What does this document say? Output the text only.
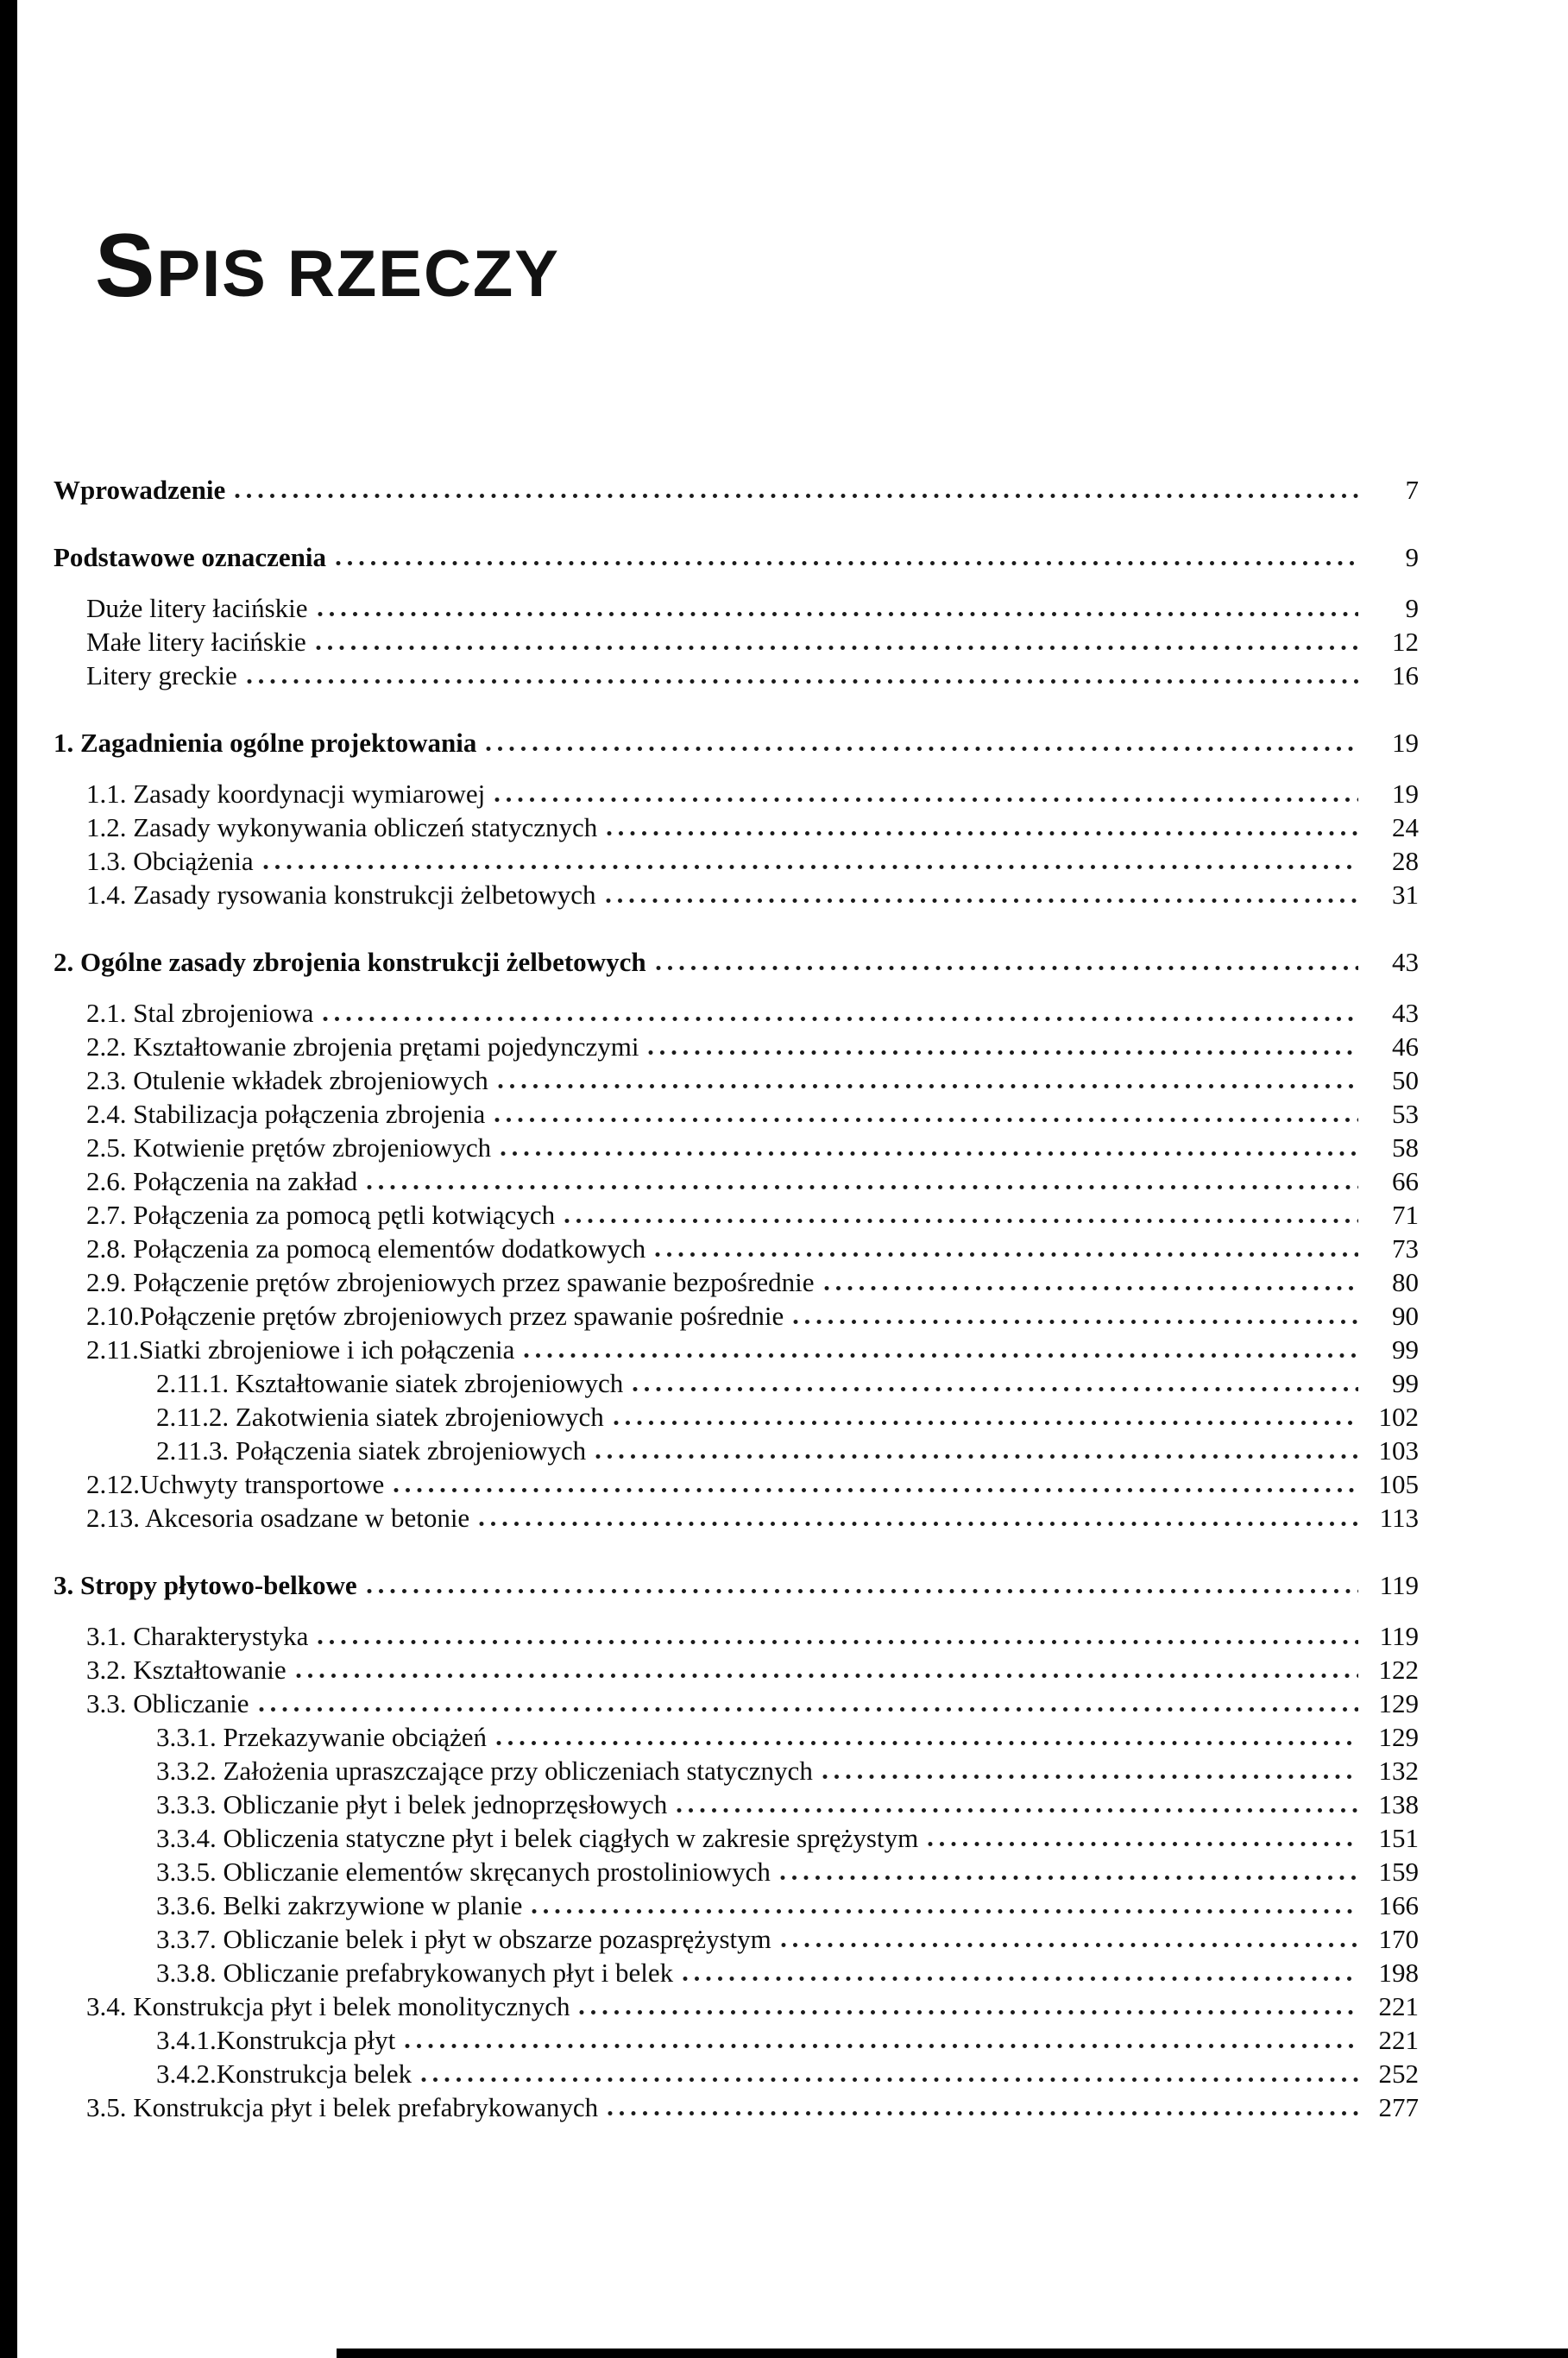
SPIS RZECZY
Wprowadzenie	7
Podstawowe oznaczenia	9
Duże litery łacińskie	9
Małe litery łacińskie	12
Litery greckie	16
1. Zagadnienia ogólne projektowania	19
1.1. Zasady koordynacji wymiarowej	19
1.2. Zasady wykonywania obliczeń statycznych	24
1.3. Obciążenia	28
1.4. Zasady rysowania konstrukcji żelbetowych	31
2. Ogólne zasady zbrojenia konstrukcji żelbetowych	43
2.1. Stal zbrojeniowa	43
2.2. Kształtowanie zbrojenia prętami pojedynczymi	46
2.3. Otulenie wkładek zbrojeniowych	50
2.4. Stabilizacja połączenia zbrojenia	53
2.5. Kotwienie prętów zbrojeniowych	58
2.6. Połączenia na zakład	66
2.7. Połączenia za pomocą pętli kotwiących	71
2.8. Połączenia za pomocą elementów dodatkowych	73
2.9. Połączenie prętów zbrojeniowych przez spawanie bezpośrednie	80
2.10.Połączenie prętów zbrojeniowych przez spawanie pośrednie	90
2.11.Siatki zbrojeniowe i ich połączenia	99
2.11.1. Kształtowanie siatek zbrojeniowych	99
2.11.2. Zakotwienia siatek zbrojeniowych	102
2.11.3. Połączenia siatek zbrojeniowych	103
2.12.Uchwyty transportowe	105
2.13. Akcesoria osadzane w betonie	113
3. Stropy płytowo-belkowe	119
3.1. Charakterystyka	119
3.2. Kształtowanie	122
3.3. Obliczanie	129
3.3.1. Przekazywanie obciążeń	129
3.3.2. Założenia upraszczające przy obliczeniach statycznych	132
3.3.3. Obliczanie płyt i belek jednoprzęsłowych	138
3.3.4. Obliczenia statyczne płyt i belek ciągłych w zakresie sprężystym	151
3.3.5. Obliczanie elementów skręcanych prostoliniowych	159
3.3.6. Belki zakrzywione w planie	166
3.3.7. Obliczanie belek i płyt w obszarze pozasprężystym	170
3.3.8. Obliczanie prefabrykowanych płyt i belek	198
3.4. Konstrukcja płyt i belek monolitycznych	221
3.4.1.Konstrukcja płyt	221
3.4.2.Konstrukcja belek	252
3.5. Konstrukcja płyt i belek prefabrykowanych	277
